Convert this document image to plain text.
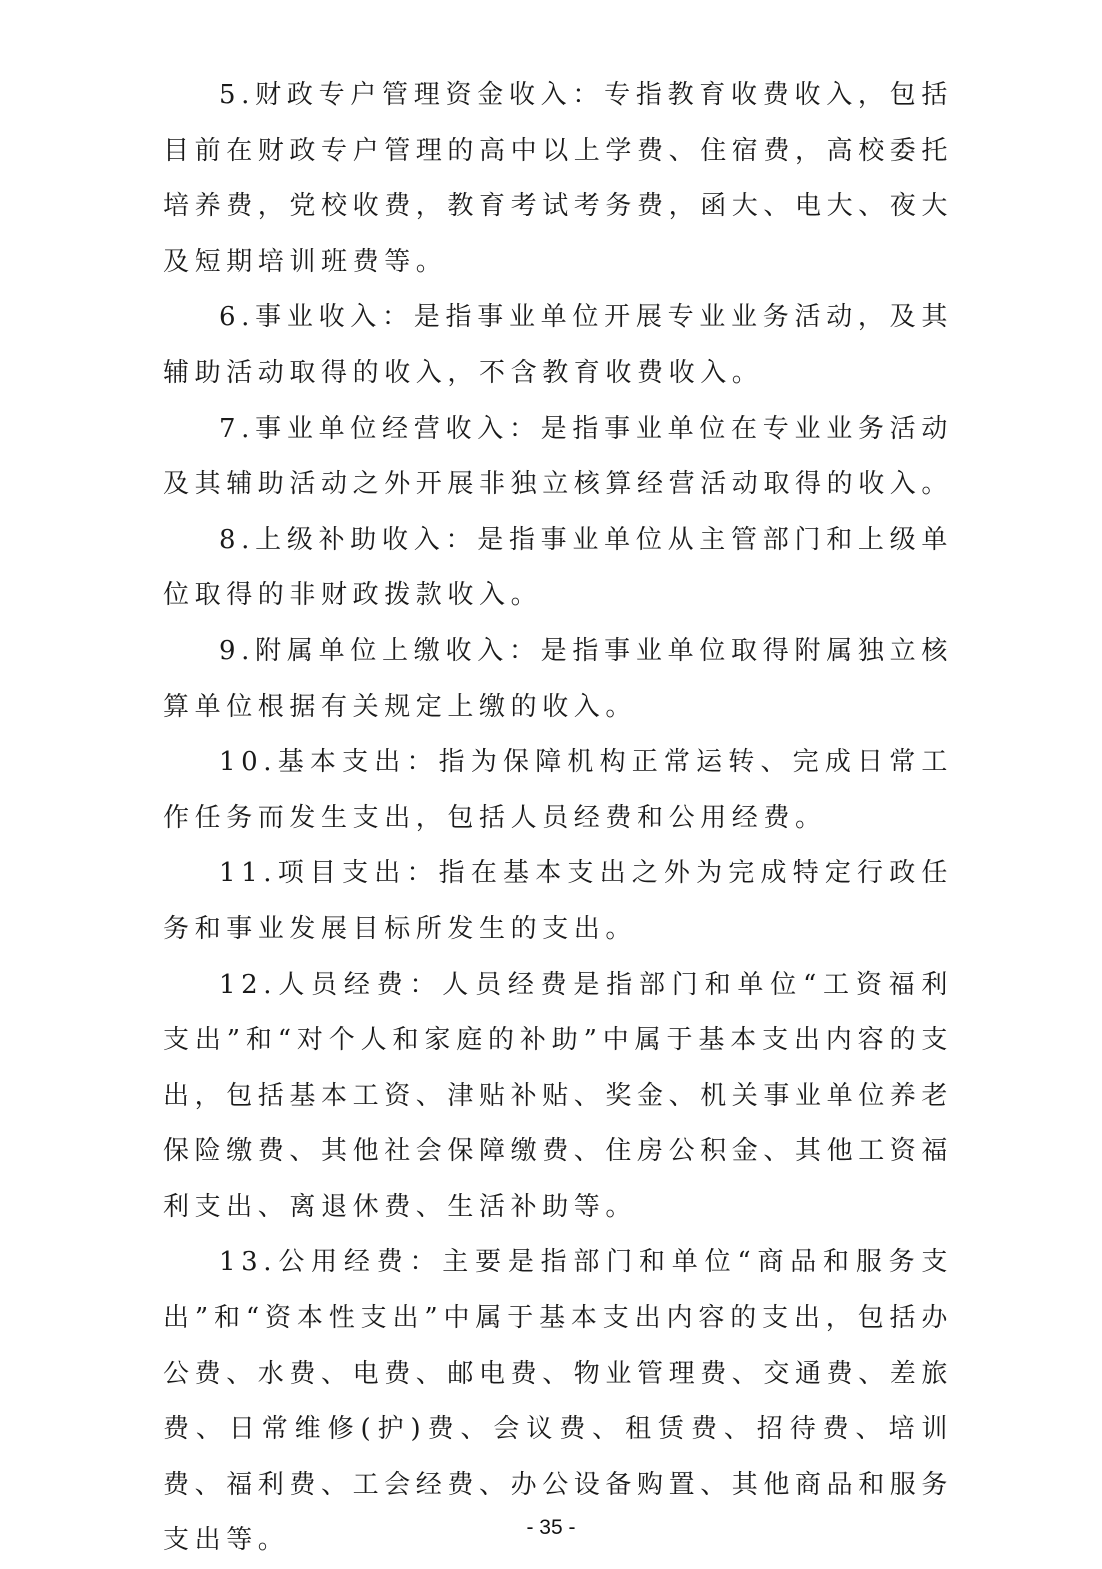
5.财政专户管理资金收入：专指教育收费收入，包括目前在财政专户管理的高中以上学费、住宿费，高校委托培养费，党校收费，教育考试考务费，函大、电大、夜大及短期培训班费等。

6.事业收入：是指事业单位开展专业业务活动，及其辅助活动取得的收入，不含教育收费收入。

7.事业单位经营收入：是指事业单位在专业业务活动及其辅助活动之外开展非独立核算经营活动取得的收入。

8.上级补助收入：是指事业单位从主管部门和上级单位取得的非财政拨款收入。

9.附属单位上缴收入：是指事业单位取得附属独立核算单位根据有关规定上缴的收入。

10.基本支出：指为保障机构正常运转、完成日常工作任务而发生支出，包括人员经费和公用经费。

11.项目支出：指在基本支出之外为完成特定行政任务和事业发展目标所发生的支出。

12.人员经费：人员经费是指部门和单位“工资福利支出”和“对个人和家庭的补助”中属于基本支出内容的支出，包括基本工资、津贴补贴、奖金、机关事业单位养老保险缴费、其他社会保障缴费、住房公积金、其他工资福利支出、离退休费、生活补助等。

13.公用经费：主要是指部门和单位“商品和服务支出”和“资本性支出”中属于基本支出内容的支出，包括办公费、水费、电费、邮电费、物业管理费、交通费、差旅费、日常维修(护)费、会议费、租赁费、招待费、培训费、福利费、工会经费、办公设备购置、其他商品和服务支出等。	- 35 -
